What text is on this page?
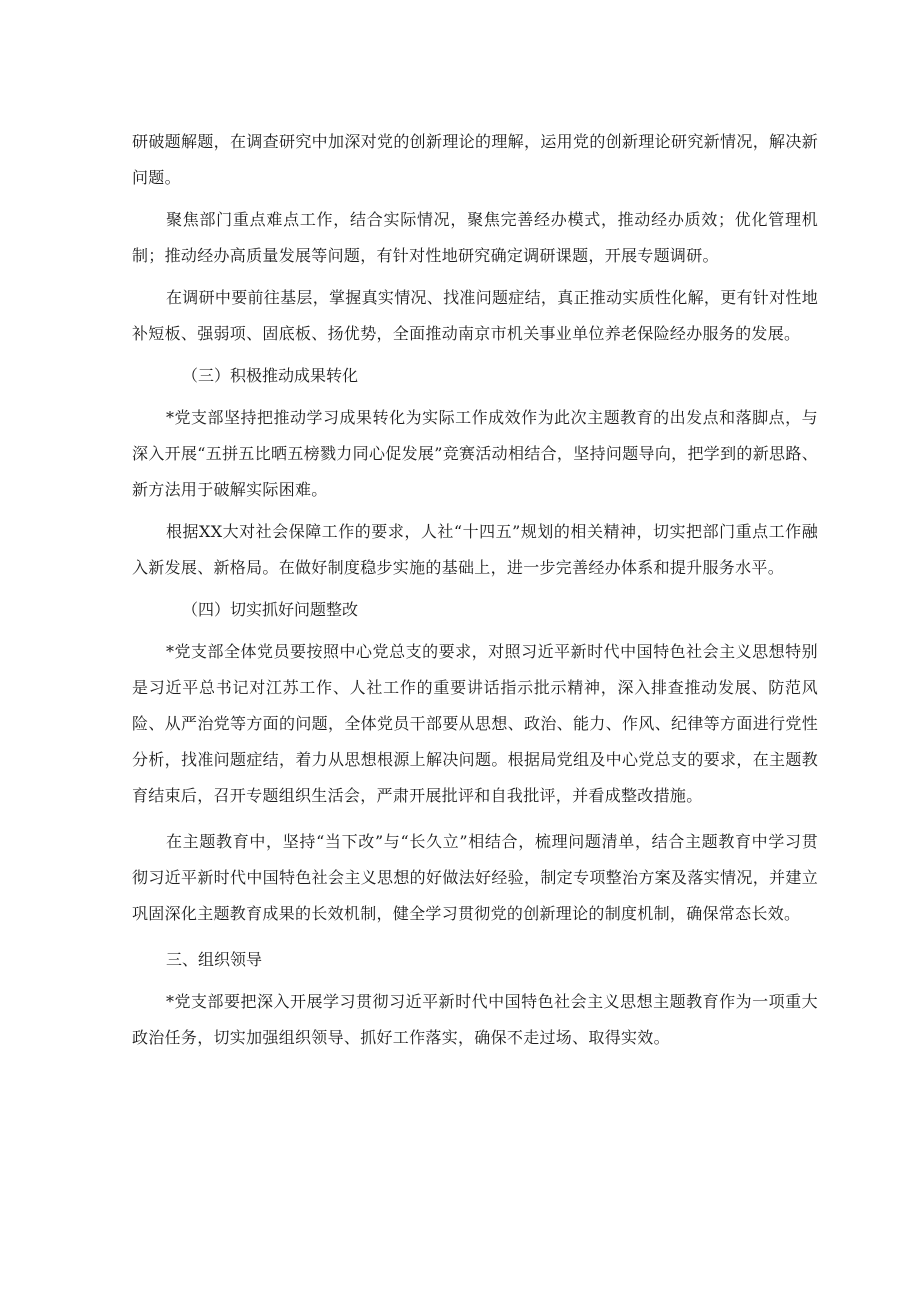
研破题解题，在调查研究中加深对党的创新理论的理解，运用党的创新理论研究新情况，解决新问题。

聚焦部门重点难点工作，结合实际情况，聚焦完善经办模式，推动经办质效；优化管理机制；推动经办高质量发展等问题，有针对性地研究确定调研课题，开展专题调研。

在调研中要前往基层，掌握真实情况、找准问题症结，真正推动实质性化解，更有针对性地补短板、强弱项、固底板、扬优势，全面推动南京市机关事业单位养老保险经办服务的发展。

（三）积极推动成果转化

*党支部坚持把推动学习成果转化为实际工作成效作为此次主题教育的出发点和落脚点，与深入开展“五拼五比晒五榜戮力同心促发展”竞赛活动相结合，坚持问题导向，把学到的新思路、新方法用于破解实际困难。

根据XX大对社会保障工作的要求，人社“十四五”规划的相关精神，切实把部门重点工作融入新发展、新格局。在做好制度稳步实施的基础上，进一步完善经办体系和提升服务水平。

（四）切实抓好问题整改

*党支部全体党员要按照中心党总支的要求，对照习近平新时代中国特色社会主义思想特别是习近平总书记对江苏工作、人社工作的重要讲话指示批示精神，深入排查推动发展、防范风险、从严治党等方面的问题，全体党员干部要从思想、政治、能力、作风、纪律等方面进行党性分析，找准问题症结，着力从思想根源上解决问题。根据局党组及中心党总支的要求，在主题教育结束后，召开专题组织生活会，严肃开展批评和自我批评，并看成整改措施。

在主题教育中，坚持“当下改”与“长久立”相结合，梳理问题清单，结合主题教育中学习贯彻习近平新时代中国特色社会主义思想的好做法好经验，制定专项整治方案及落实情况，并建立巩固深化主题教育成果的长效机制，健全学习贯彻党的创新理论的制度机制，确保常态长效。

三、组织领导

*党支部要把深入开展学习贯彻习近平新时代中国特色社会主义思想主题教育作为一项重大政治任务，切实加强组织领导、抓好工作落实，确保不走过场、取得实效。
